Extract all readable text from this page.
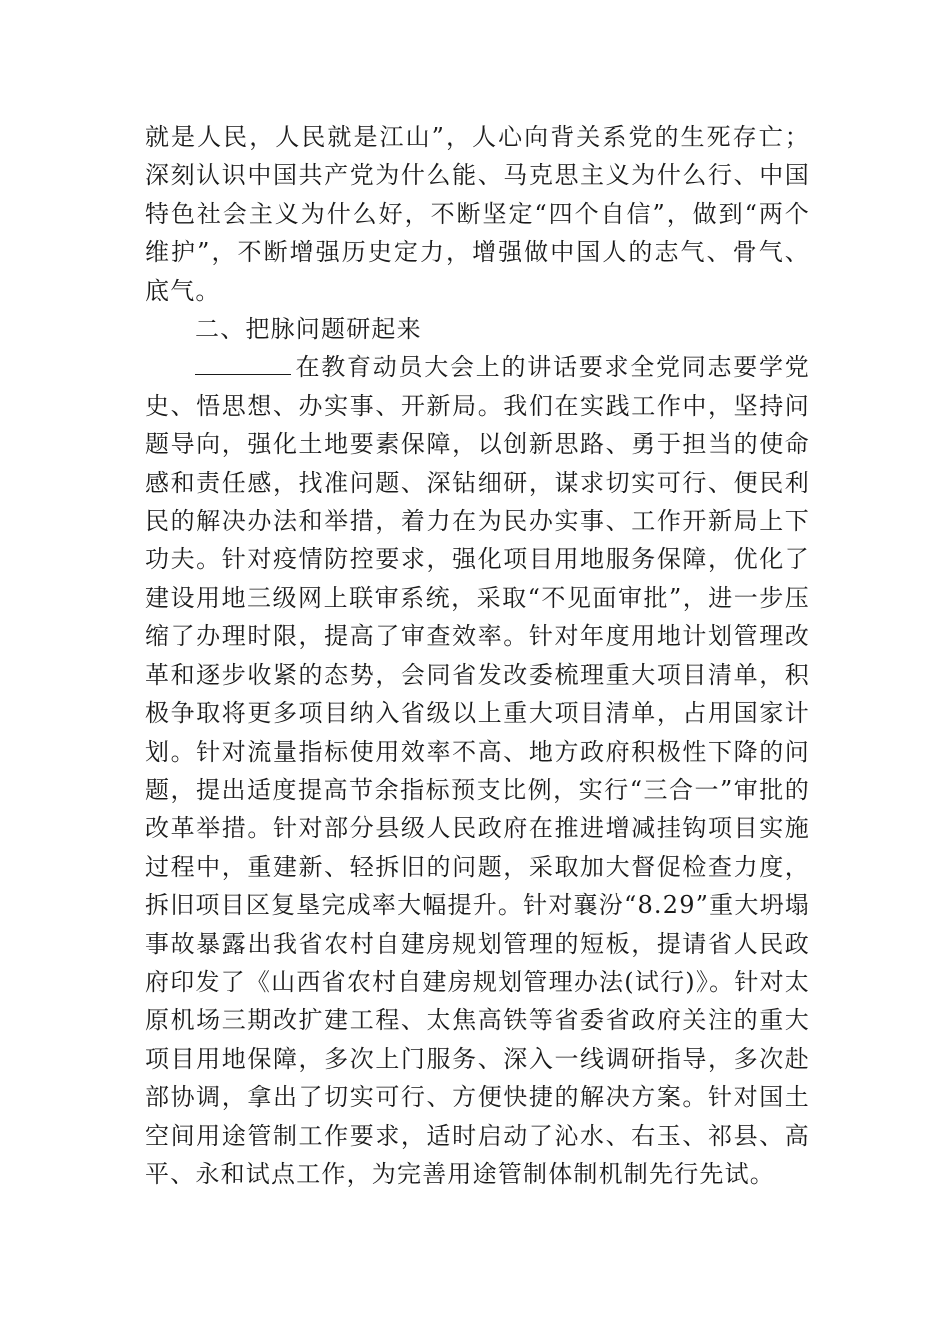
就是人民，人民就是江山”，人心向背关系党的生死存亡；深刻认识中国共产党为什么能、马克思主义为什么行、中国特色社会主义为什么好，不断坚定“四个自信”，做到“两个维护”，不断增强历史定力，增强做中国人的志气、骨气、底气。

二、把脉问题研起来

在教育动员大会上的讲话要求全党同志要学党史、悟思想、办实事、开新局。我们在实践工作中，坚持问题导向，强化土地要素保障，以创新思路、勇于担当的使命感和责任感，找准问题、深钻细研，谋求切实可行、便民利民的解决办法和举措，着力在为民办实事、工作开新局上下功夫。针对疫情防控要求，强化项目用地服务保障，优化了建设用地三级网上联审系统，采取“不见面审批”，进一步压缩了办理时限，提高了审查效率。针对年度用地计划管理改革和逐步收紧的态势，会同省发改委梳理重大项目清单，积极争取将更多项目纳入省级以上重大项目清单，占用国家计划。针对流量指标使用效率不高、地方政府积极性下降的问题，提出适度提高节余指标预支比例，实行“三合一”审批的改革举措。针对部分县级人民政府在推进增减挂钩项目实施过程中，重建新、轻拆旧的问题，采取加大督促检查力度，拆旧项目区复垦完成率大幅提升。针对襄汾“8.29”重大坍塌事故暴露出我省农村自建房规划管理的短板，提请省人民政府印发了《山西省农村自建房规划管理办法(试行)》。针对太原机场三期改扩建工程、太焦高铁等省委省政府关注的重大项目用地保障，多次上门服务、深入一线调研指导，多次赴部协调，拿出了切实可行、方便快捷的解决方案。针对国土空间用途管制工作要求，适时启动了沁水、右玉、祁县、高平、永和试点工作，为完善用途管制体制机制先行先试。
